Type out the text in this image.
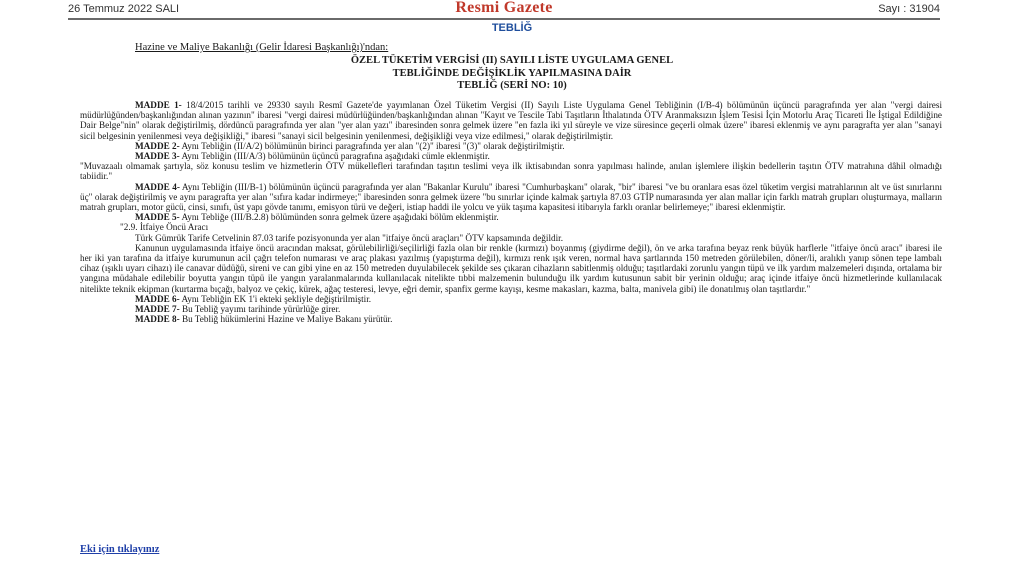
26 Temmuz 2022 SALI	Resmi Gazete	Sayı : 31904
TEBLİĞ
Hazine ve Maliye Bakanlığı (Gelir İdaresi Başkanlığı)'ndan:
ÖZEL TÜKETİM VERGİSİ (II) SAYILI LİSTE UYGULAMA GENEL
TEBLİĞİNDE DEĞİŞİKLİK YAPILMASINA DAİR
TEBLİĞ (SERİ NO: 10)

MADDE 1- 18/4/2015 tarihli ve 29330 sayılı Resmî Gazete'de yayımlanan Özel Tüketim Vergisi (II) Sayılı Liste Uygulama Genel Tebliğinin (I/B-4) bölümünün üçüncü paragrafında yer alan "vergi dairesi müdürlüğünden/başkanlığından alınan yazının" ibaresi "vergi dairesi müdürlüğünden/başkanlığından alınan "Kayıt ve Tescile Tabi Taşıtların İthalatında ÖTV Aranmaksızın İşlem Tesisi İçin Motorlu Araç Ticareti İle İştigal Edildiğine Dair Belge"nin" olarak değiştirilmiş, dördüncü paragrafında yer alan "yer alan yazı" ibaresinden sonra gelmek üzere "en fazla iki yıl süreyle ve vize süresince geçerli olmak üzere" ibaresi eklenmiş ve aynı paragrafta yer alan "sanayi sicil belgesinin yenilenmesi veya değişikliği," ibaresi "sanayi sicil belgesinin yenilenmesi, değişikliği veya vize edilmesi," olarak değiştirilmiştir.

MADDE 2- Aynı Tebliğin (II/A/2) bölümünün birinci paragrafında yer alan "(2)" ibaresi "(3)" olarak değiştirilmiştir.

MADDE 3- Aynı Tebliğin (III/A/3) bölümünün üçüncü paragrafına aşağıdaki cümle eklenmiştir.

"Muvazaalı olmamak şartıyla, söz konusu teslim ve hizmetlerin ÖTV mükellefleri tarafından taşıtın teslimi veya ilk iktisabından sonra yapılması halinde, anılan işlemlere ilişkin bedellerin taşıtın ÖTV matrahına dâhil olmadığı tabiidir."

MADDE 4- Aynı Tebliğin (III/B-1) bölümünün üçüncü paragrafında yer alan "Bakanlar Kurulu" ibaresi "Cumhurbaşkanı" olarak, "bir" ibaresi "ve bu oranlara esas özel tüketim vergisi matrahlarının alt ve üst sınırlarını üç" olarak değiştirilmiş ve aynı paragrafta yer alan "sıfıra kadar indirmeye;" ibaresinden sonra gelmek üzere "bu sınırlar içinde kalmak şartıyla 87.03 GTİP numarasında yer alan mallar için farklı matrah grupları oluşturmaya, malların matrah grupları, motor gücü, cinsi, sınıfı, üst yapı gövde tanımı, emisyon türü ve değeri, istiap haddi ile yolcu ve yük taşıma kapasitesi itibarıyla farklı oranlar belirlemeye;" ibaresi eklenmiştir.

MADDE 5- Aynı Tebliğe (III/B.2.8) bölümünden sonra gelmek üzere aşağıdaki bölüm eklenmiştir.

"2.9. İtfaiye Öncü Aracı

Türk Gümrük Tarife Cetvelinin 87.03 tarife pozisyonunda yer alan "itfaiye öncü araçları" ÖTV kapsamında değildir.

Kanunun uygulamasında itfaiye öncü aracından maksat, görülebilirliği/seçilirliği fazla olan bir renkle (kırmızı) boyanmış (giydirme değil), ön ve arka tarafına beyaz renk büyük harflerle "itfaiye öncü aracı" ibaresi ile her iki yan tarafına da itfaiye kurumunun acil çağrı telefon numarası ve araç plakası yazılmış (yapıştırma değil), kırmızı renk ışık veren, normal hava şartlarında 150 metreden görülebilen, döner/li, aralıklı yanıp sönen tepe lambalı cihaz (ışıklı uyarı cihazı) ile canavar düdüğü, sireni ve can gibi yine en az 150 metreden duyulabilecek şekilde ses çıkaran cihazların sabitlenmiş olduğu; taşıtlardaki zorunlu yangın tüpü ve ilk yardım malzemeleri dışında, ortalama bir yangına müdahale edilebilir boyutta yangın tüpü ile yangın yaralanmalarında kullanılacak nitelikte tıbbi malzemenin bulunduğu ilk yardım kutusunun sabit bir yerinin olduğu; araç içinde itfaiye öncü hizmetlerinde kullanılacak nitelikte teknik ekipman (kurtarma bıçağı, balyoz ve çekiç, kürek, ağaç testeresi, levye, eğri demir, spanfix germe kayışı, kesme makasları, kazma, balta, manivela gibi) ile donatılmış olan taşıtlardır."

MADDE 6- Aynı Tebliğin EK 1'i ekteki şekliyle değiştirilmiştir.

MADDE 7- Bu Tebliğ yayımı tarihinde yürürlüğe girer.

MADDE 8- Bu Tebliğ hükümlerini Hazine ve Maliye Bakanı yürütür.

Eki için tıklayınız
